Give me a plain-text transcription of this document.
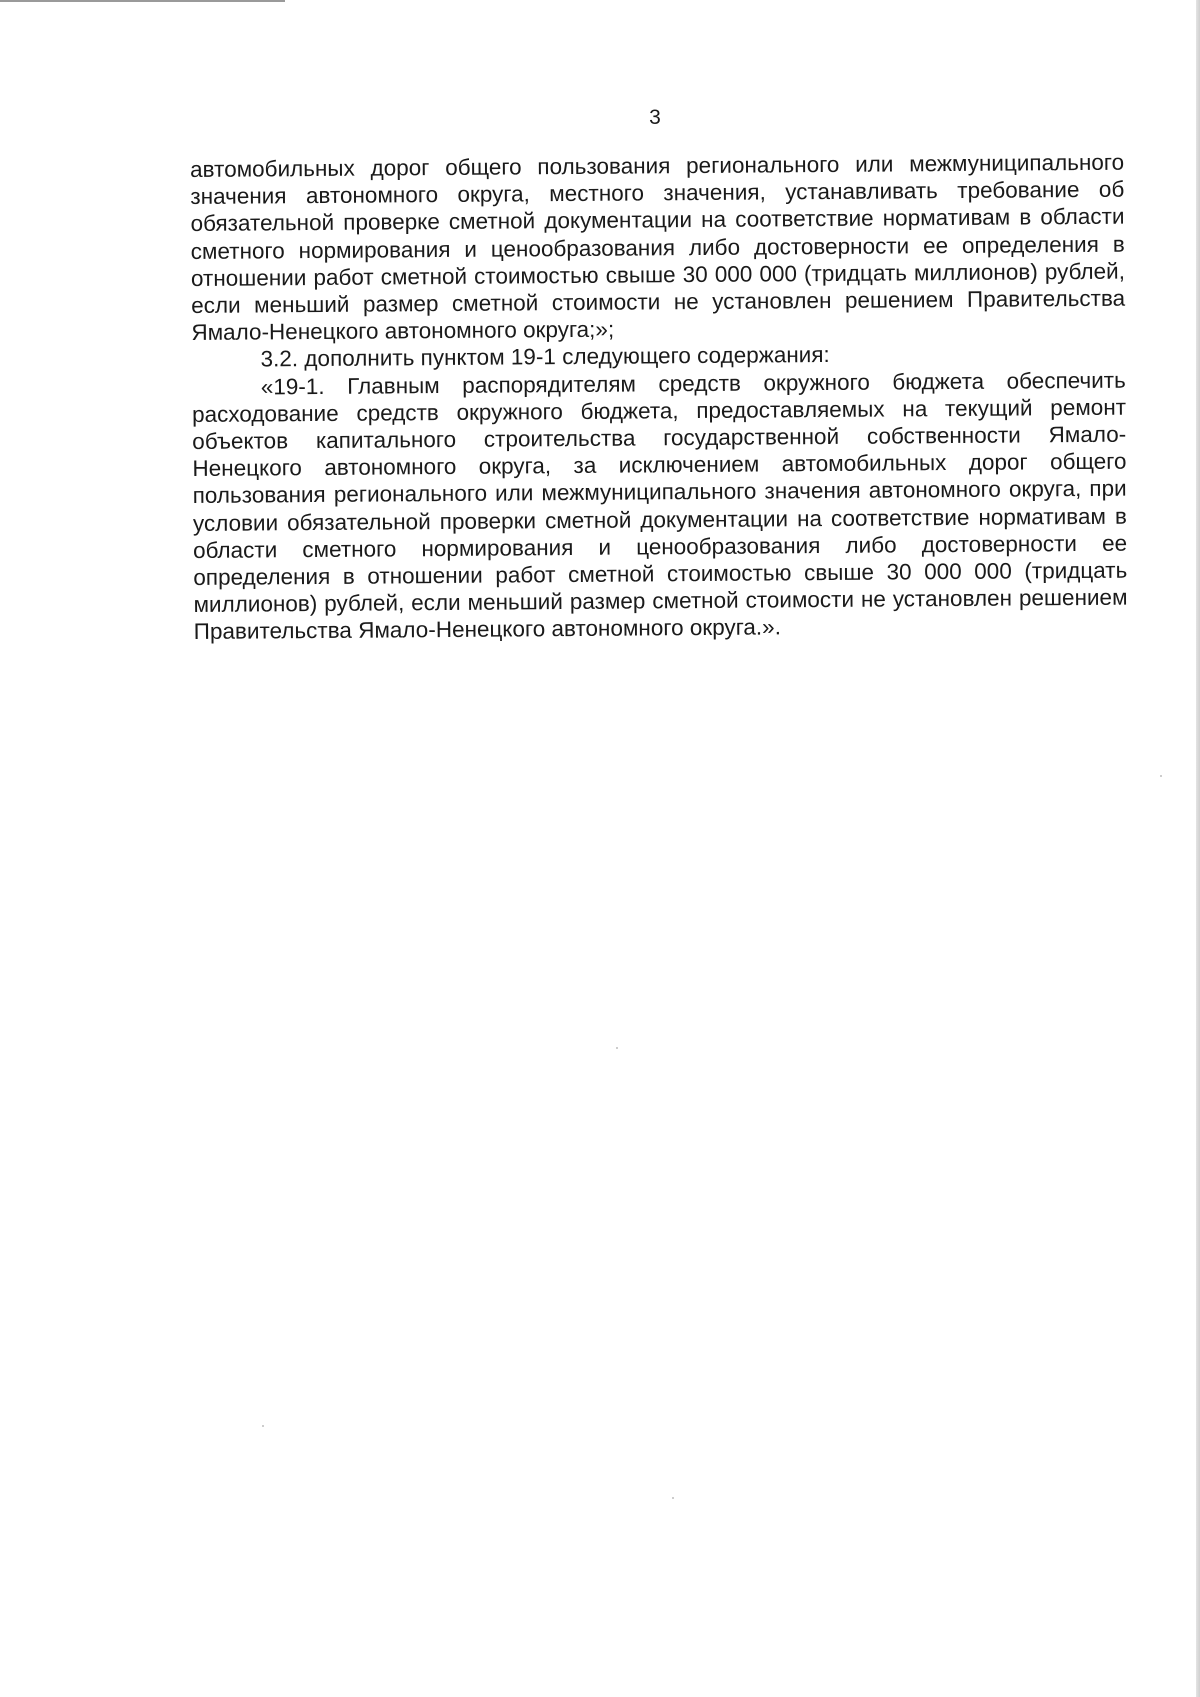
3

автомобильных дорог общего пользования регионального или межмуниципального значения автономного округа, местного значения, устанавливать требование об обязательной проверке сметной документации на соответствие нормативам в области сметного нормирования и ценообразования либо достоверности ее определения в отношении работ сметной стоимостью свыше 30 000 000 (тридцать миллионов) рублей, если меньший размер сметной стоимости не установлен решением Правительства Ямало-Ненецкого автономного округа;»;

3.2. дополнить пунктом 19-1 следующего содержания:

«19-1. Главным распорядителям средств окружного бюджета обеспечить расходование средств окружного бюджета, предоставляемых на текущий ремонт объектов капитального строительства государственной собственности Ямало-Ненецкого автономного округа, за исключением автомобильных дорог общего пользования регионального или межмуниципального значения автономного округа, при условии обязательной проверки сметной документации на соответствие нормативам в области сметного нормирования и ценообразования либо достоверности ее определения в отношении работ сметной стоимостью свыше 30 000 000 (тридцать миллионов) рублей, если меньший размер сметной стоимости не установлен решением Правительства Ямало-Ненецкого автономного округа.».
